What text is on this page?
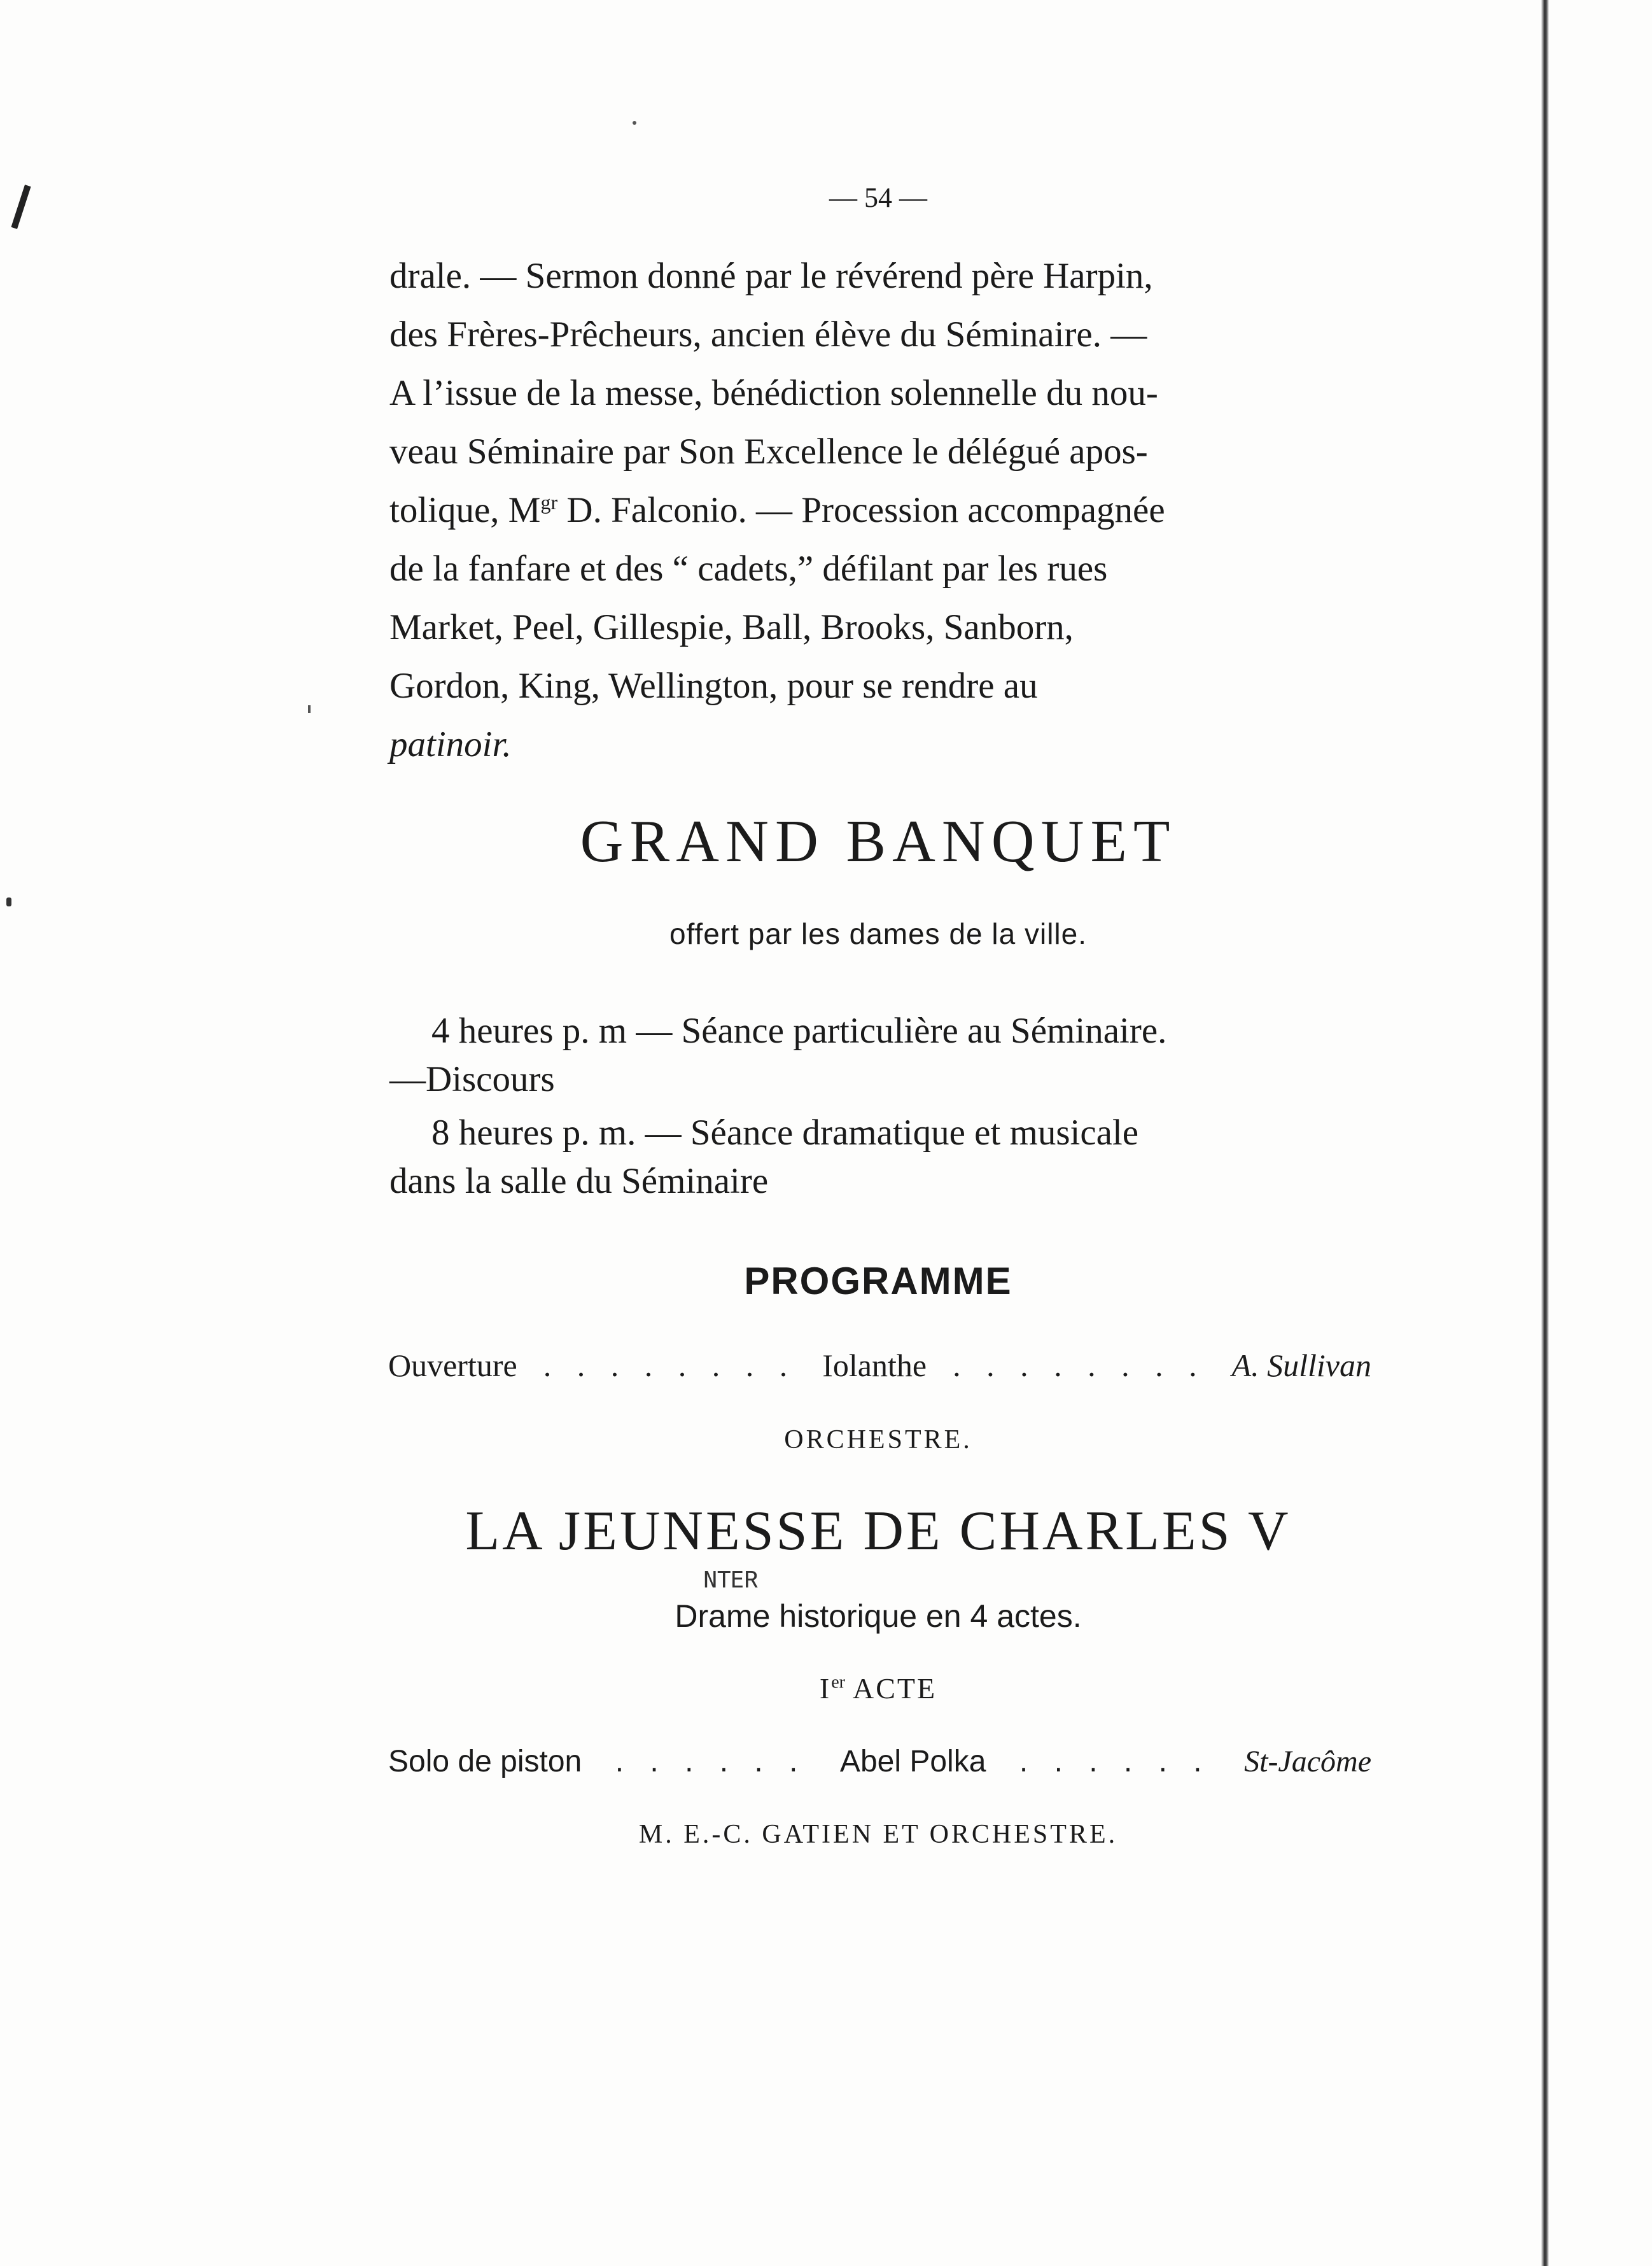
— 54 —
drale. — Sermon donné par le révérend père Harpin,
des Frères-Prêcheurs, ancien élève du Séminaire. —
A l’issue de la messe, bénédiction solennelle du nou-
veau Séminaire par Son Excellence le délégué apos-
tolique, $M^{gr}$ D. Falconio. — Procession accompagnée
de la fanfare et des “ cadets,” défilant par les rues
Market, Peel, Gillespie, Ball, Brooks, Sanborn,
Gordon, King, Wellington, pour se rendre au
patinoir.
GRAND BANQUET
offert par les dames de la ville.
4 heures p. m — Séance particulière au Séminaire.
—Discours
8 heures p. m. — Séance dramatique et musicale
dans la salle du Séminaire
PROGRAMME
Ouverture . . . . . . . . Iolanthe . . . . . . . . A. Sullivan
ORCHESTRE.
LA JEUNESSE DE CHARLES V
ЯƎTИ
Drame historique en 4 actes.
Ier ACTE
Solo de piston	. . . . . .	Abel Polka	. . . . . .	St-Jacôme
M. E.-C. GATIEN ET ORCHESTRE.
